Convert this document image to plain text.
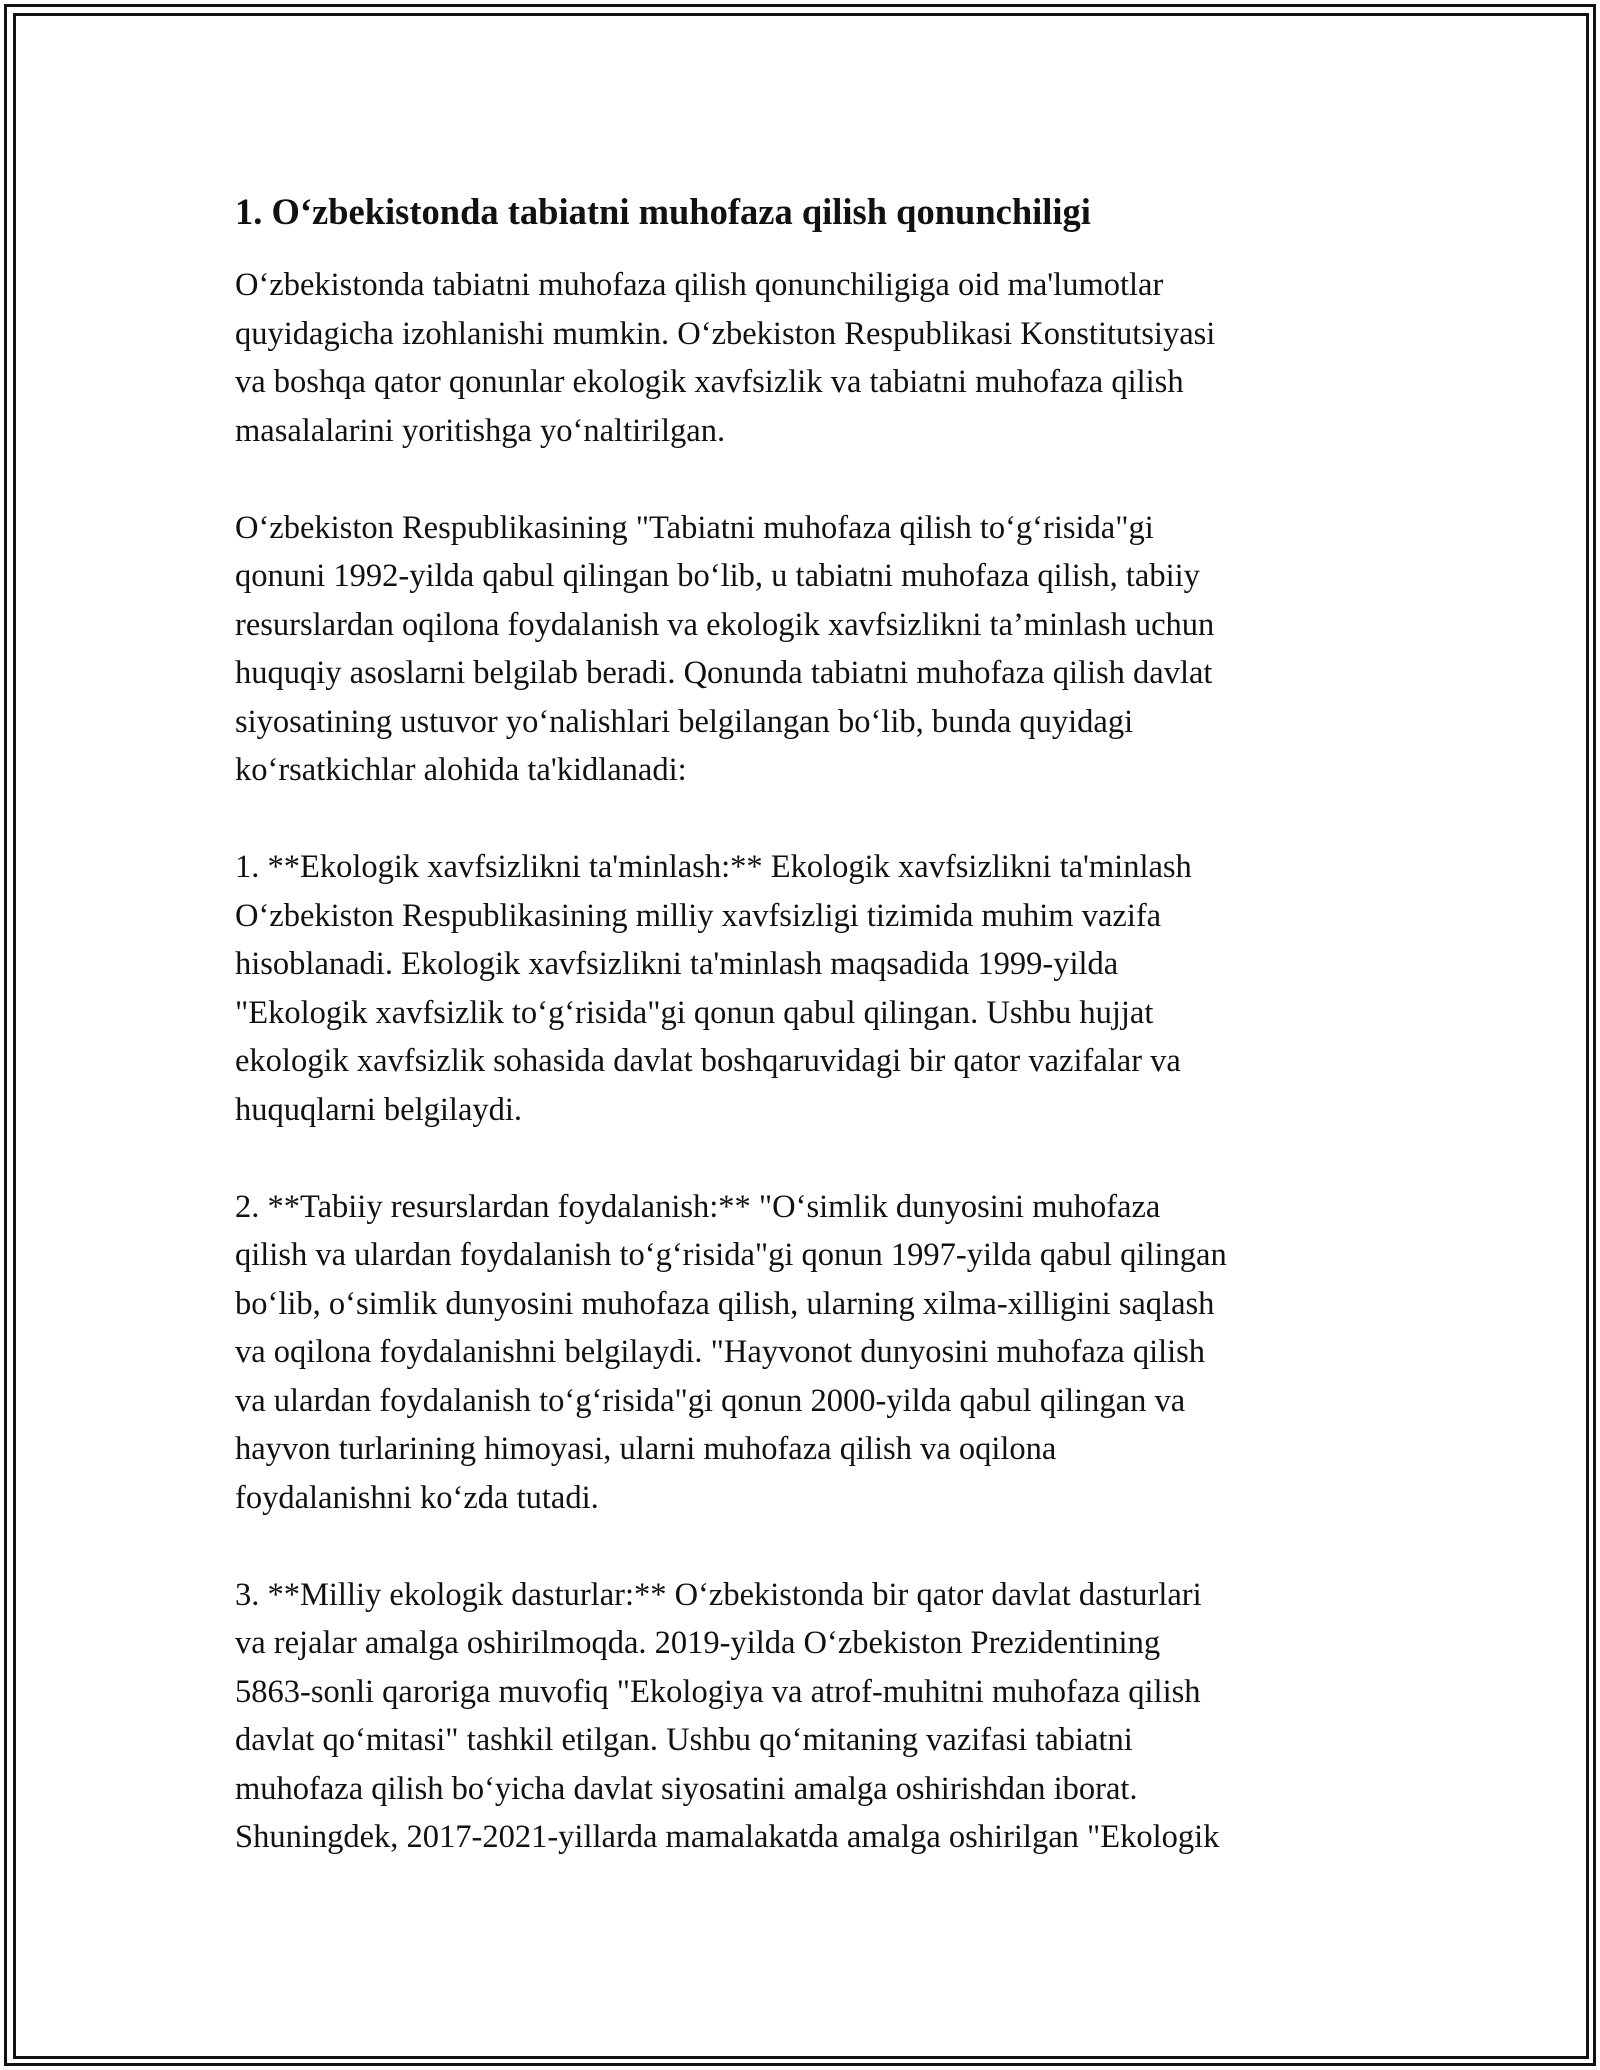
1. O‘zbekistonda tabiatni muhofaza qilish qonunchiligi
O‘zbekistonda tabiatni muhofaza qilish qonunchiligiga oid ma'lumotlar
quyidagicha izohlanishi mumkin. O‘zbekiston Respublikasi Konstitutsiyasi
va boshqa qator qonunlar ekologik xavfsizlik va tabiatni muhofaza qilish
masalalarini yoritishga yo‘naltirilgan.
O‘zbekiston Respublikasining "Tabiatni muhofaza qilish to‘g‘risida"gi
qonuni 1992-yilda qabul qilingan bo‘lib, u tabiatni muhofaza qilish, tabiiy
resurslardan oqilona foydalanish va ekologik xavfsizlikni ta’minlash uchun
huquqiy asoslarni belgilab beradi. Qonunda tabiatni muhofaza qilish davlat
siyosatining ustuvor yo‘nalishlari belgilangan bo‘lib, bunda quyidagi
ko‘rsatkichlar alohida ta'kidlanadi:
1. **Ekologik xavfsizlikni ta'minlash:** Ekologik xavfsizlikni ta'minlash
O‘zbekiston Respublikasining milliy xavfsizligi tizimida muhim vazifa
hisoblanadi. Ekologik xavfsizlikni ta'minlash maqsadida 1999-yilda
"Ekologik xavfsizlik to‘g‘risida"gi qonun qabul qilingan. Ushbu hujjat
ekologik xavfsizlik sohasida davlat boshqaruvidagi bir qator vazifalar va
huquqlarni belgilaydi.
2. **Tabiiy resurslardan foydalanish:** "O‘simlik dunyosini muhofaza
qilish va ulardan foydalanish to‘g‘risida"gi qonun 1997-yilda qabul qilingan
bo‘lib, o‘simlik dunyosini muhofaza qilish, ularning xilma-xilligini saqlash
va oqilona foydalanishni belgilaydi. "Hayvonot dunyosini muhofaza qilish
va ulardan foydalanish to‘g‘risida"gi qonun 2000-yilda qabul qilingan va
hayvon turlarining himoyasi, ularni muhofaza qilish va oqilona
foydalanishni ko‘zda tutadi.
3. **Milliy ekologik dasturlar:** O‘zbekistonda bir qator davlat dasturlari
va rejalar amalga oshirilmoqda. 2019-yilda O‘zbekiston Prezidentining
5863-sonli qaroriga muvofiq "Ekologiya va atrof-muhitni muhofaza qilish
davlat qo‘mitasi" tashkil etilgan. Ushbu qo‘mitaning vazifasi tabiatni
muhofaza qilish bo‘yicha davlat siyosatini amalga oshirishdan iborat.
Shuningdek, 2017-2021-yillarda mamalakatda amalga oshirilgan "Ekologik
